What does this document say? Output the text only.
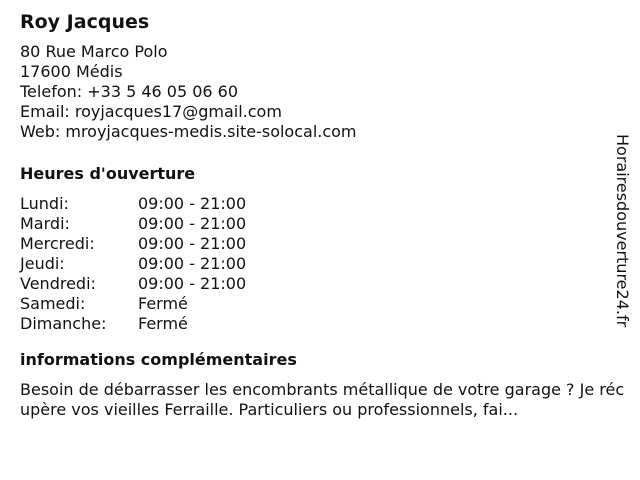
Roy Jacques
80 Rue Marco Polo
17600 Médis
Telefon: +33 5 46 05 06 60
Email: royjacques17@gmail.com
Web: mroyjacques-medis.site-solocal.com
Heures d'ouverture
Lundi:	09:00 - 21:00
Mardi:	09:00 - 21:00
Mercredi:	09:00 - 21:00
Jeudi:	09:00 - 21:00
Vendredi:	09:00 - 21:00
Samedi:	Fermé
Dimanche:	Fermé
informations complémentaires
Besoin de débarrasser les encombrants métallique de votre garage ? Je récupère vos vieilles Ferraille. Particuliers ou professionnels, fai...
Horairesdouverture24.fr
